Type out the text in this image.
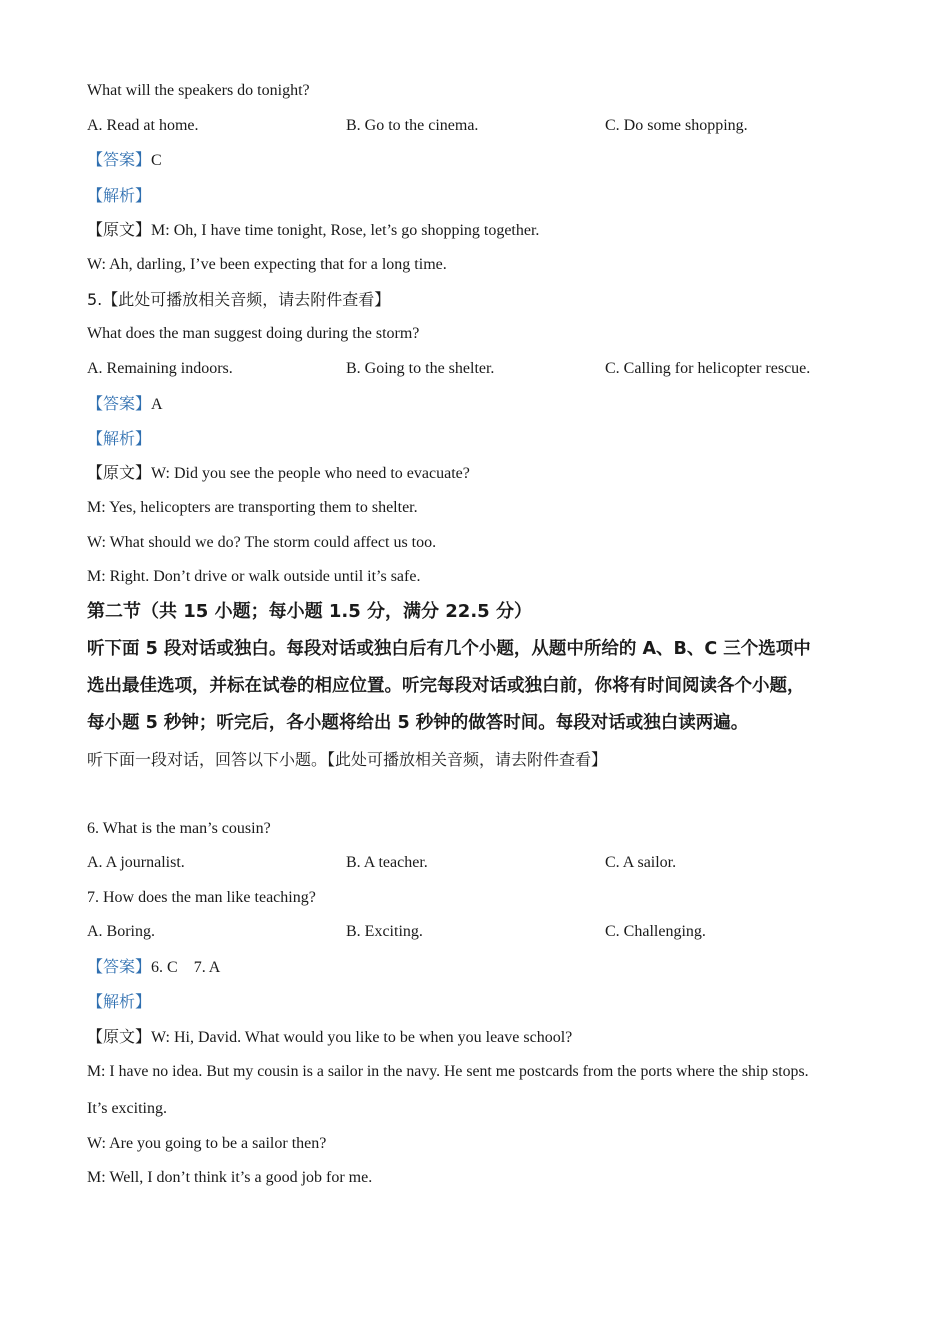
What will the speakers do tonight?
A. Read at home.	B. Go to the cinema.	C. Do some shopping.
【答案】C
【解析】
【原文】M: Oh, I have time tonight, Rose, let’s go shopping together.
W: Ah, darling, I’ve been expecting that for a long time.
5.【此处可播放相关音频，请去附件查看】
What does the man suggest doing during the storm?
A. Remaining indoors.	B. Going to the shelter.	C. Calling for helicopter rescue.
【答案】A
【解析】
【原文】W: Did you see the people who need to evacuate?
M: Yes, helicopters are transporting them to shelter.
W: What should we do? The storm could affect us too.
M: Right. Don’t drive or walk outside until it’s safe.
第二节（共 15 小题；每小题 1.5 分，满分 22.5 分）
听下面 5 段对话或独白。每段对话或独白后有几个小题，从题中所给的 A、B、C 三个选项中
选出最佳选项，并标在试卷的相应位置。听完每段对话或独白前，你将有时间阅读各个小题，
每小题 5 秒钟；听完后，各小题将给出 5 秒钟的做答时间。每段对话或独白读两遍。
听下面一段对话，回答以下小题。【此处可播放相关音频，请去附件查看】
6. What is the man’s cousin?
A. A journalist.	B. A teacher.	C. A sailor.
7. How does the man like teaching?
A. Boring.	B. Exciting.	C. Challenging.
【答案】6. C    7. A
【解析】
【原文】W: Hi, David. What would you like to be when you leave school?
M: I have no idea. But my cousin is a sailor in the navy. He sent me postcards from the ports where the ship stops.
It’s exciting.
W: Are you going to be a sailor then?
M: Well, I don’t think it’s a good job for me.
